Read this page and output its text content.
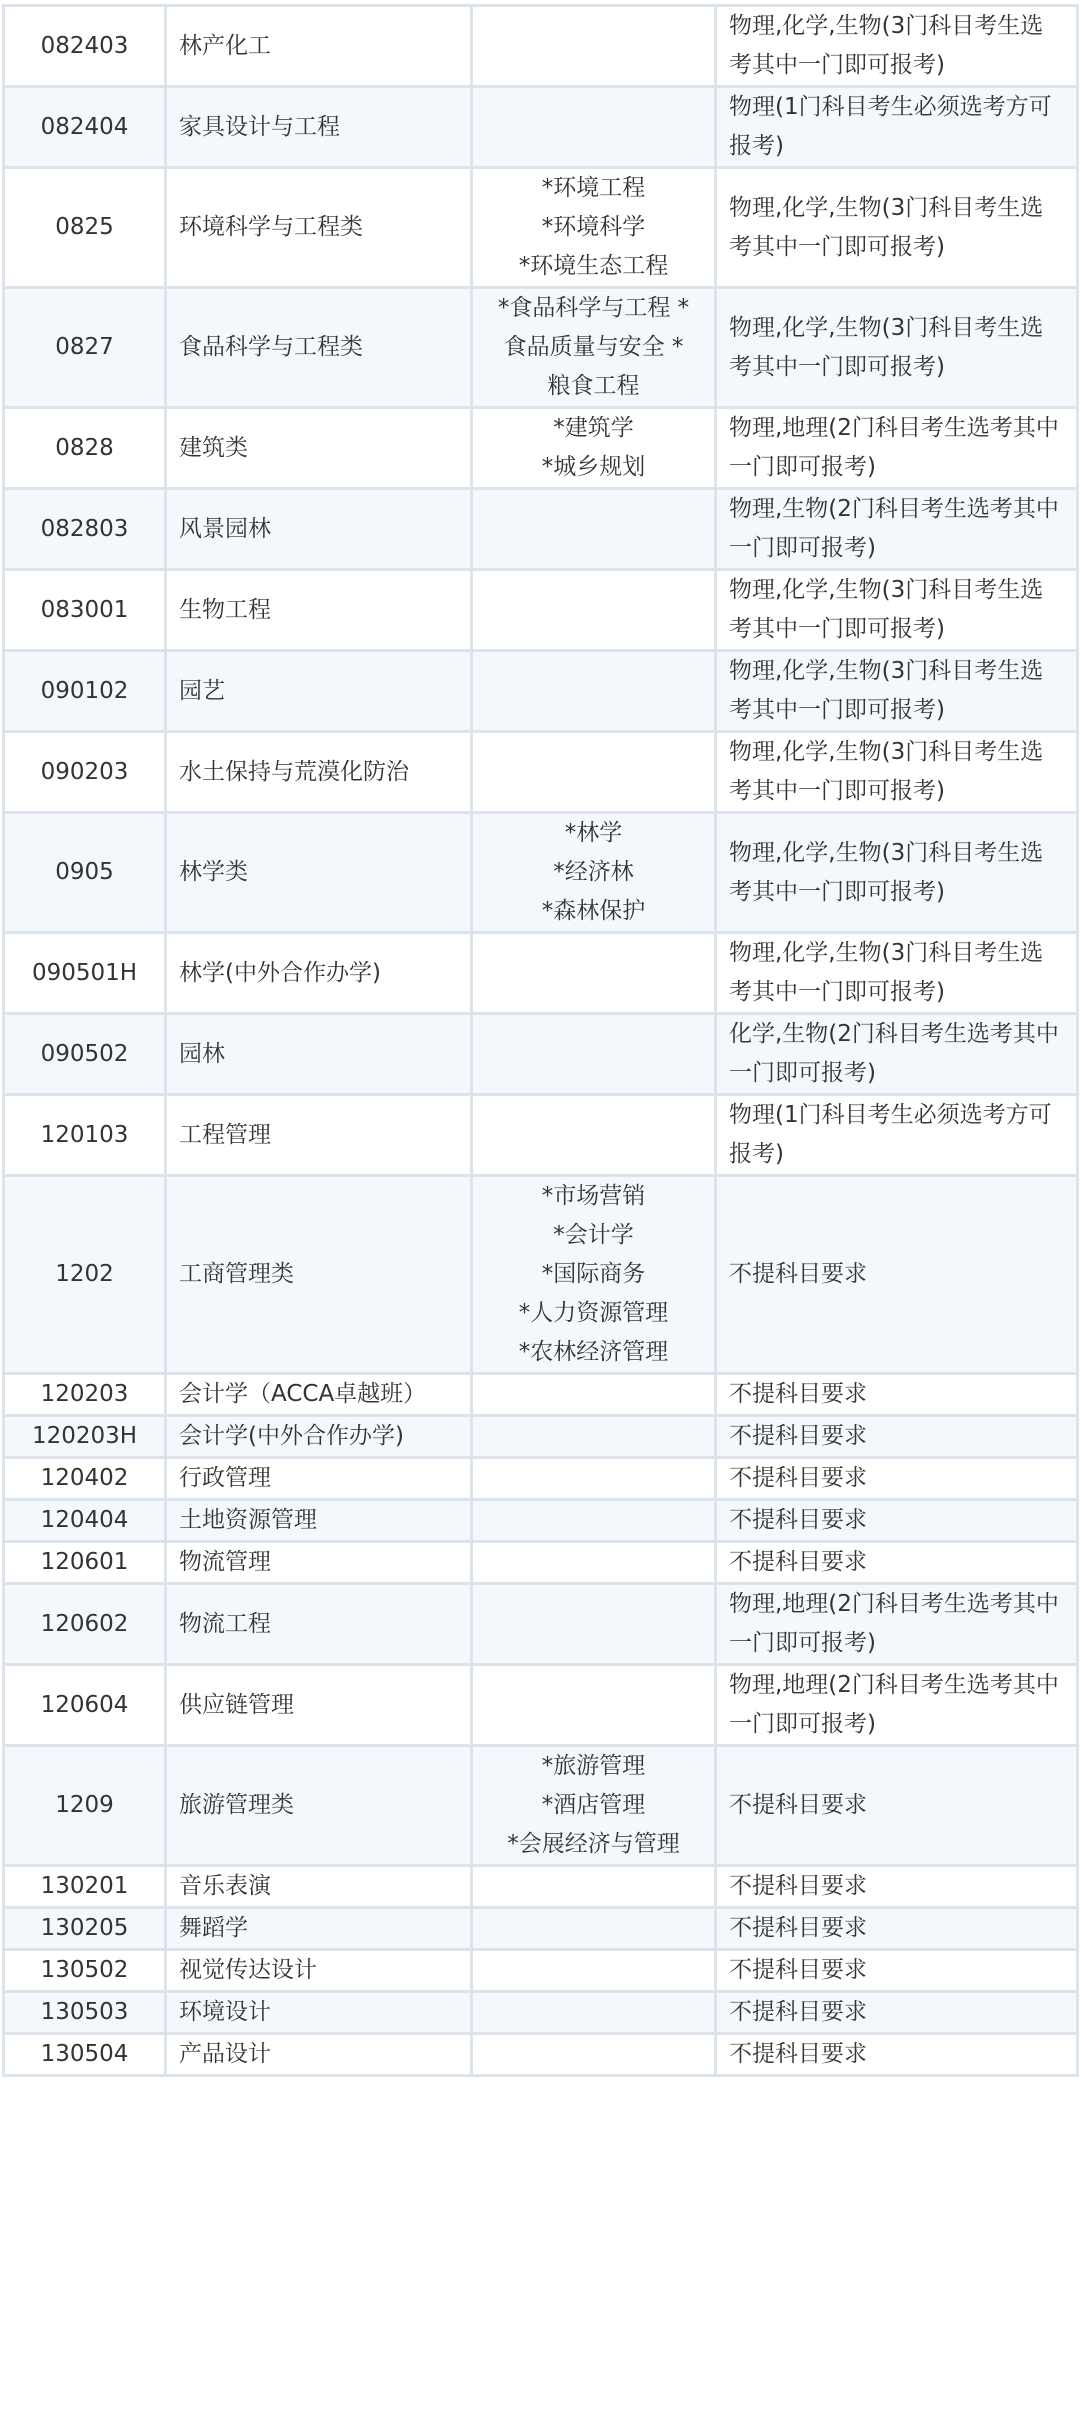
082403	林产化工		物理,化学,生物(3门科目考生选考其中一门即可报考)
082404	家具设计与工程		物理(1门科目考生必须选考方可报考)
0825	环境科学与工程类	*环境工程
*环境科学
*环境生态工程	物理,化学,生物(3门科目考生选考其中一门即可报考)
0827	食品科学与工程类	*食品科学与工程 *
食品质量与安全 *
粮食工程	物理,化学,生物(3门科目考生选考其中一门即可报考)
0828	建筑类	*建筑学
*城乡规划	物理,地理(2门科目考生选考其中一门即可报考)
082803	风景园林		物理,生物(2门科目考生选考其中一门即可报考)
083001	生物工程		物理,化学,生物(3门科目考生选考其中一门即可报考)
090102	园艺		物理,化学,生物(3门科目考生选考其中一门即可报考)
090203	水土保持与荒漠化防治		物理,化学,生物(3门科目考生选考其中一门即可报考)
0905	林学类	*林学
*经济林
*森林保护	物理,化学,生物(3门科目考生选考其中一门即可报考)
090501H	林学(中外合作办学)		物理,化学,生物(3门科目考生选考其中一门即可报考)
090502	园林		化学,生物(2门科目考生选考其中一门即可报考)
120103	工程管理		物理(1门科目考生必须选考方可报考)
1202	工商管理类	*市场营销
*会计学
*国际商务
*人力资源管理
*农林经济管理	不提科目要求
120203	会计学（ACCA卓越班）		不提科目要求
120203H	会计学(中外合作办学)		不提科目要求
120402	行政管理		不提科目要求
120404	土地资源管理		不提科目要求
120601	物流管理		不提科目要求
120602	物流工程		物理,地理(2门科目考生选考其中一门即可报考)
120604	供应链管理		物理,地理(2门科目考生选考其中一门即可报考)
1209	旅游管理类	*旅游管理
*酒店管理
*会展经济与管理	不提科目要求
130201	音乐表演		不提科目要求
130205	舞蹈学		不提科目要求
130502	视觉传达设计		不提科目要求
130503	环境设计		不提科目要求
130504	产品设计		不提科目要求
